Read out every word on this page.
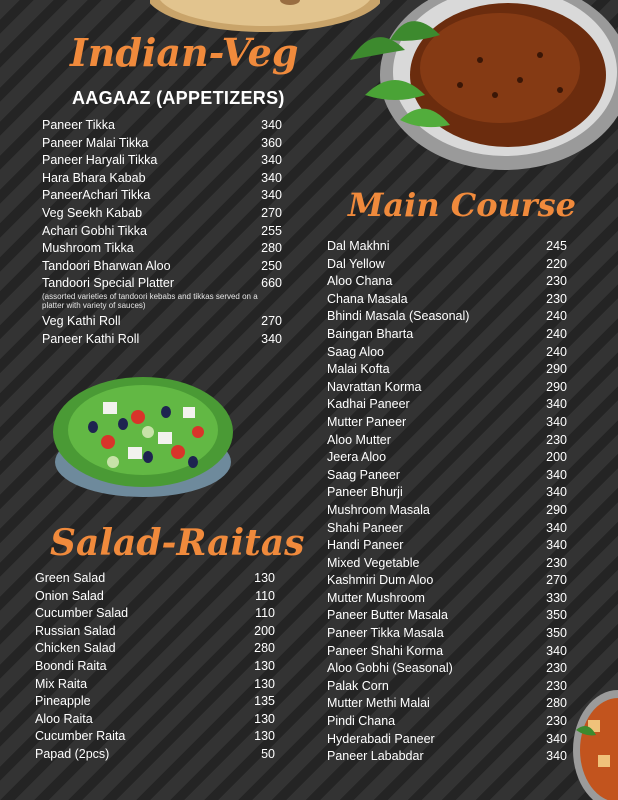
Indian-Veg
AAGAAZ (APPETIZERS)
Paneer Tikka	340
Paneer Malai Tikka	360
Paneer Haryali Tikka	340
Hara Bhara Kabab	340
PaneerAchari Tikka	340
Veg Seekh Kabab	270
Achari Gobhi Tikka	255
Mushroom Tikka	280
Tandoori Bharwan Aloo	250
Tandoori Special Platter	660
(assorted varieties of tandoori kebabs and tikkas served on a platter with variety of sauces)
Veg Kathi Roll	270
Paneer Kathi Roll	340
Main Course
Dal Makhni	245
Dal Yellow	220
Aloo Chana	230
Chana Masala	230
Bhindi Masala (Seasonal)	240
Baingan Bharta	240
Saag Aloo	240
Malai Kofta	290
Navrattan Korma	290
Kadhai Paneer	340
Mutter Paneer	340
Aloo Mutter	230
Jeera Aloo	200
Saag Paneer	340
Paneer Bhurji	340
Mushroom Masala	290
Shahi Paneer	340
Handi Paneer	340
Mixed Vegetable	230
Kashmiri Dum Aloo	270
Mutter Mushroom	330
Paneer Butter Masala	350
Paneer Tikka Masala	350
Paneer Shahi Korma	340
Aloo Gobhi (Seasonal)	230
Palak Corn	230
Mutter Methi Malai	280
Pindi Chana	230
Hyderabadi Paneer	340
Paneer Lababdar	340
Salad-Raitas
Green Salad	130
Onion Salad	110
Cucumber Salad	110
Russian Salad	200
Chicken Salad	280
Boondi Raita	130
Mix Raita	130
Pineapple	135
Aloo Raita	130
Cucumber Raita	130
Papad (2pcs)	50
